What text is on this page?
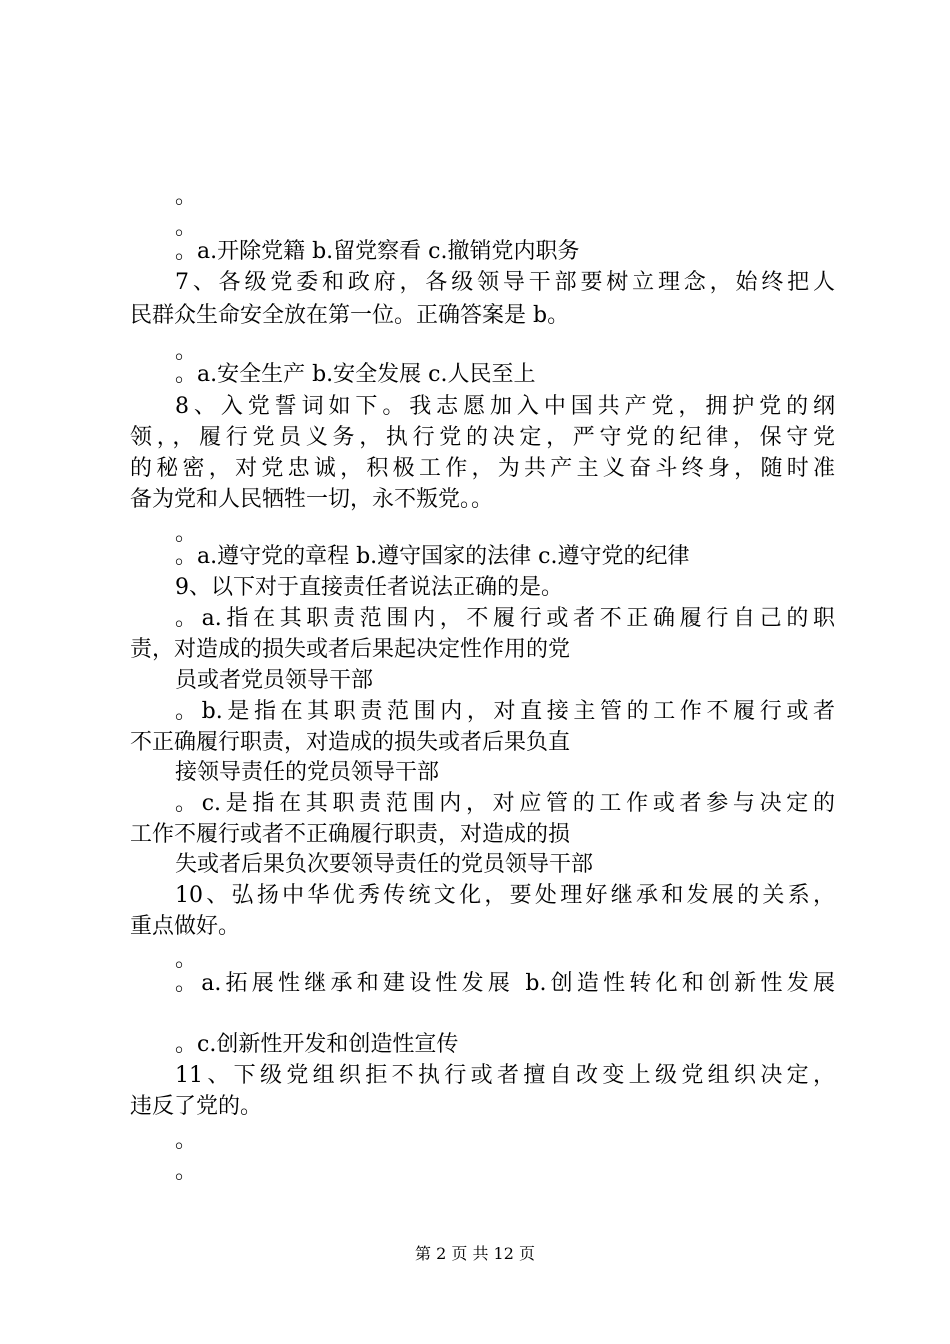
。
。
。a.开除党籍 b.留党察看 c.撤销党内职务
7、各级党委和政府，各级领导干部要树立理念，始终把人
民群众生命安全放在第一位。正确答案是 b。
。
。a.安全生产 b.安全发展 c.人民至上
8、入党誓词如下。我志愿加入中国共产党，拥护党的纲
领，，履行党员义务，执行党的决定，严守党的纪律，保守党
的秘密，对党忠诚，积极工作，为共产主义奋斗终身，随时准
备为党和人民牺牲一切，永不叛党。。
。
。a.遵守党的章程 b.遵守国家的法律 c.遵守党的纪律
9、以下对于直接责任者说法正确的是。
。a.指在其职责范围内，不履行或者不正确履行自己的职
责，对造成的损失或者后果起决定性作用的党
员或者党员领导干部
。b.是指在其职责范围内，对直接主管的工作不履行或者
不正确履行职责，对造成的损失或者后果负直
接领导责任的党员领导干部
。c.是指在其职责范围内，对应管的工作或者参与决定的
工作不履行或者不正确履行职责，对造成的损
失或者后果负次要领导责任的党员领导干部
10、弘扬中华优秀传统文化，要处理好继承和发展的关系，
重点做好。
。
。a.拓展性继承和建设性发展 b.创造性转化和创新性发展
。c.创新性开发和创造性宣传
11、下级党组织拒不执行或者擅自改变上级党组织决定，
违反了党的。
。
。
第 2 页 共 12 页
